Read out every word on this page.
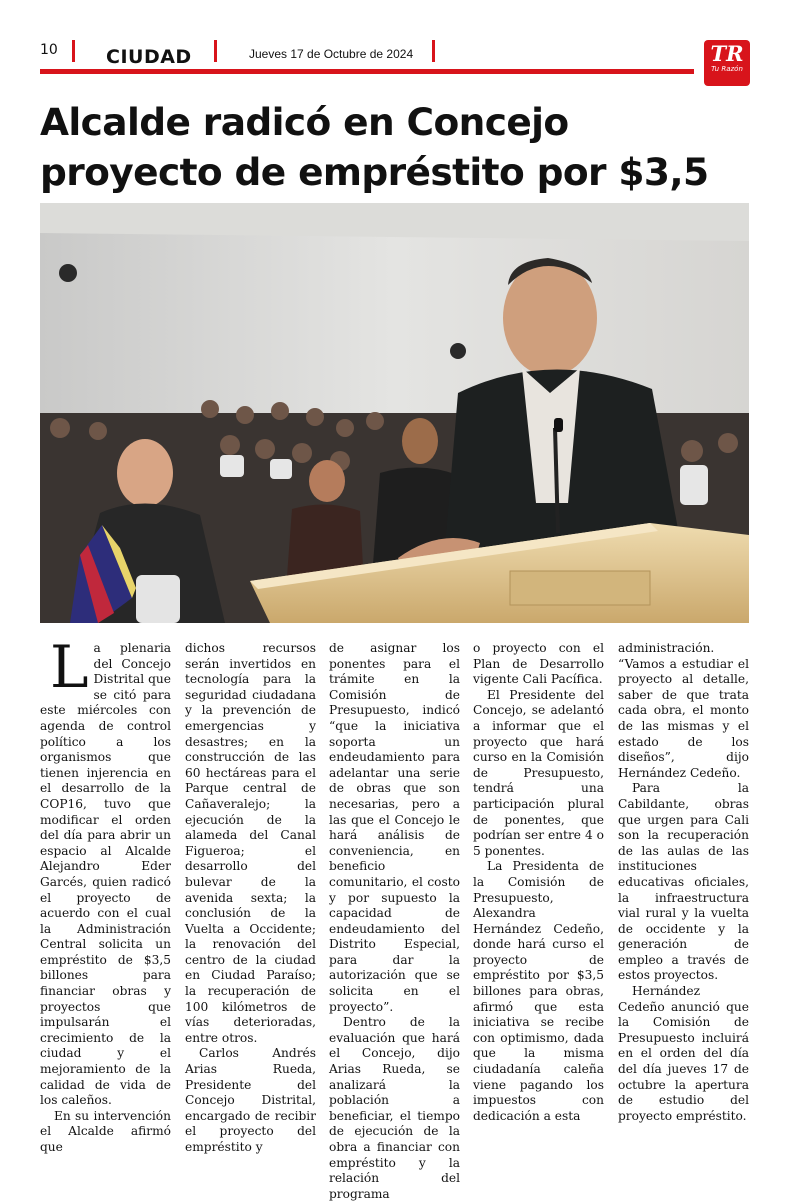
10	CIUDAD	Jueves 17 de Octubre de 2024	TR
Tu Razón
Alcalde radicó en Concejo proyecto de empréstito por $3,5

La plenaria del Concejo Distrital que se citó para este miércoles con agenda de control político a los organismos que tienen injerencia en el desarrollo de la COP16, tuvo que modificar el orden del día para abrir un espacio al Alcalde Alejandro Eder Garcés, quien radicó el proyecto de acuerdo con el cual la Administración Central solicita un empréstito de $3,5 billones para financiar obras y proyectos que impulsarán el crecimiento de la ciudad y el mejoramiento de la calidad de vida de los caleños.

En su intervención el Alcalde afirmó que

dichos recursos serán invertidos en tecnología para la seguridad ciudadana y la prevención de emergencias y desastres; en la construcción de las 60 hectáreas para el Parque central de Cañaveralejo; la ejecución de la alameda del Canal Figueroa; el desarrollo del bulevar de la avenida sexta; la conclusión de la Vuelta a Occidente; la renovación del centro de la ciudad en Ciudad Paraíso; la recuperación de 100 kilómetros de vías deterioradas, entre otros.

Carlos Andrés Arias Rueda, Presidente del Concejo Distrital, encargado de recibir el proyecto del empréstito y

de asignar los ponentes para el trámite en la Comisión de Presupuesto, indicó “que la iniciativa soporta un endeudamiento para adelantar una serie de obras que son necesarias, pero a las que el Concejo le hará análisis de conveniencia, en beneficio comunitario, el costo y por supuesto la capacidad de endeudamiento del Distrito Especial, para dar la autorización que se solicita en el proyecto”.

Dentro de la evaluación que hará el Concejo, dijo Arias Rueda, se analizará la población a beneficiar, el tiempo de ejecución de la obra a financiar con empréstito y la relación del programa

o proyecto con el Plan de Desarrollo vigente Cali Pacífica.

El Presidente del Concejo, se adelantó a informar que el proyecto que hará curso en la Comisión de Presupuesto, tendrá una participación plural de ponentes, que podrían ser entre 4 o 5 ponentes.

La Presidenta de la Comisión de Presupuesto, Alexandra Hernández Cedeño, donde hará curso el proyecto de empréstito por $3,5 billones para obras, afirmó que esta iniciativa se recibe con optimismo, dada que la misma ciudadanía caleña viene pagando los impuestos con dedicación a esta

administración. “Vamos a estudiar el proyecto al detalle, saber de que trata cada obra, el monto de las mismas y el estado de los diseños”, dijo Hernández Cedeño.

Para la Cabildante, obras que urgen para Cali son la recuperación de las aulas de las instituciones educativas oficiales, la infraestructura vial rural y la vuelta de occidente y la generación de empleo a través de estos proyectos.

Hernández Cedeño anunció que la Comisión de Presupuesto incluirá en el orden del día del día jueves 17 de octubre la apertura de estudio del proyecto empréstito.
